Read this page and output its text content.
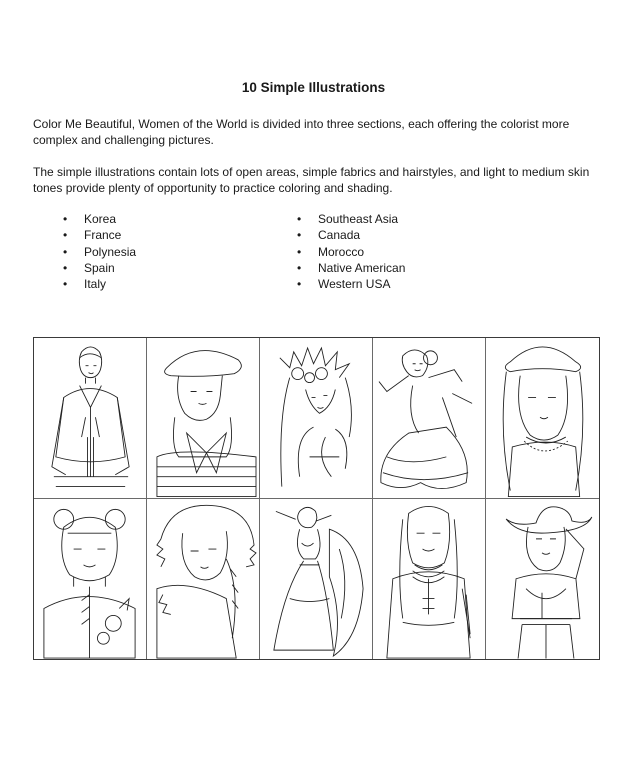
10 Simple Illustrations

Color Me Beautiful, Women of the World is divided into three sections, each offering the colorist more complex and challenging pictures.

The simple illustrations contain lots of open areas, simple fabrics and hairstyles, and light to medium skin tones provide plenty of opportunity to practice coloring and shading.

• Korea
• France
• Polynesia
• Spain
• Italy
• Southeast Asia
• Canada
• Morocco
• Native American
• Western USA
